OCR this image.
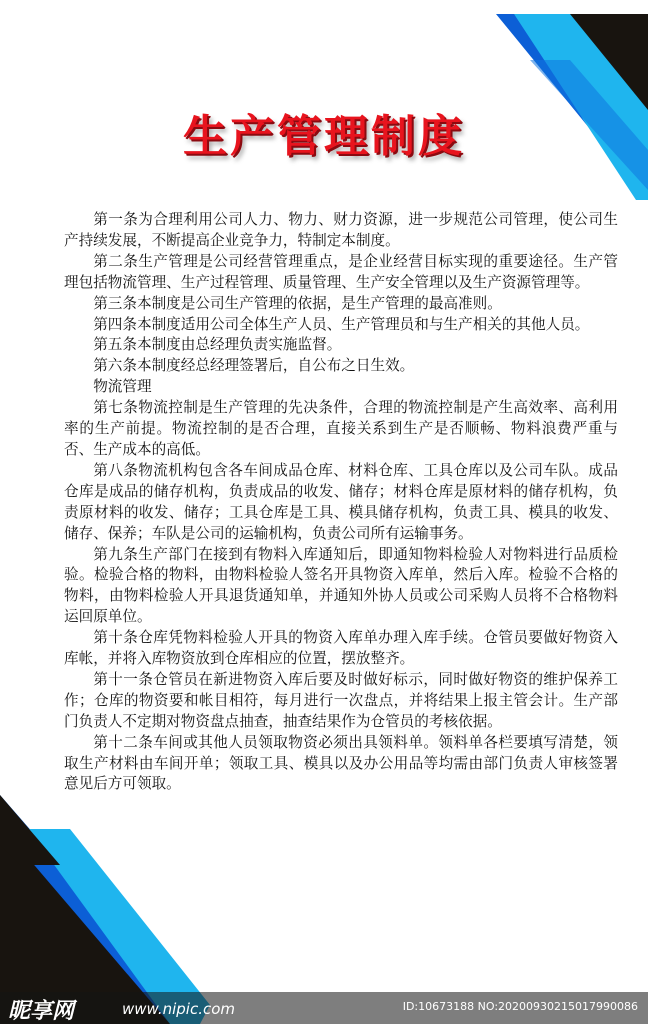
生产管理制度

第一条为合理利用公司人力、物力、财力资源，进一步规范公司管理，使公司生产持续发展，不断提高企业竞争力，特制定本制度。

第二条生产管理是公司经营管理重点，是企业经营目标实现的重要途径。生产管理包括物流管理、生产过程管理、质量管理、生产安全管理以及生产资源管理等。

第三条本制度是公司生产管理的依据，是生产管理的最高准则。

第四条本制度适用公司全体生产人员、生产管理员和与生产相关的其他人员。

第五条本制度由总经理负责实施监督。

第六条本制度经总经理签署后，自公布之日生效。

物流管理

第七条物流控制是生产管理的先决条件，合理的物流控制是产生高效率、高利用率的生产前提。物流控制的是否合理，直接关系到生产是否顺畅、物料浪费严重与否、生产成本的高低。

第八条物流机构包含各车间成品仓库、材料仓库、工具仓库以及公司车队。成品仓库是成品的储存机构，负责成品的收发、储存；材料仓库是原材料的储存机构，负责原材料的收发、储存；工具仓库是工具、模具储存机构，负责工具、模具的收发、储存、保养；车队是公司的运输机构，负责公司所有运输事务。

第九条生产部门在接到有物料入库通知后，即通知物料检验人对物料进行品质检验。检验合格的物料，由物料检验人签名开具物资入库单，然后入库。检验不合格的物料，由物料检验人开具退货通知单，并通知外协人员或公司采购人员将不合格物料运回原单位。

第十条仓库凭物料检验人开具的物资入库单办理入库手续。仓管员要做好物资入库帐，并将入库物资放到仓库相应的位置，摆放整齐。

第十一条仓管员在新进物资入库后要及时做好标示，同时做好物资的维护保养工作；仓库的物资要和帐目相符，每月进行一次盘点，并将结果上报主管会计。生产部门负责人不定期对物资盘点抽查，抽查结果作为仓管员的考核依据。

第十二条车间或其他人员领取物资必须出具领料单。领料单各栏要填写清楚，领取生产材料由车间开单；领取工具、模具以及办公用品等均需由部门负责人审核签署意见后方可领取。

昵享网	www.nipic.com	ID:10673188 NO:20200930215017990086
